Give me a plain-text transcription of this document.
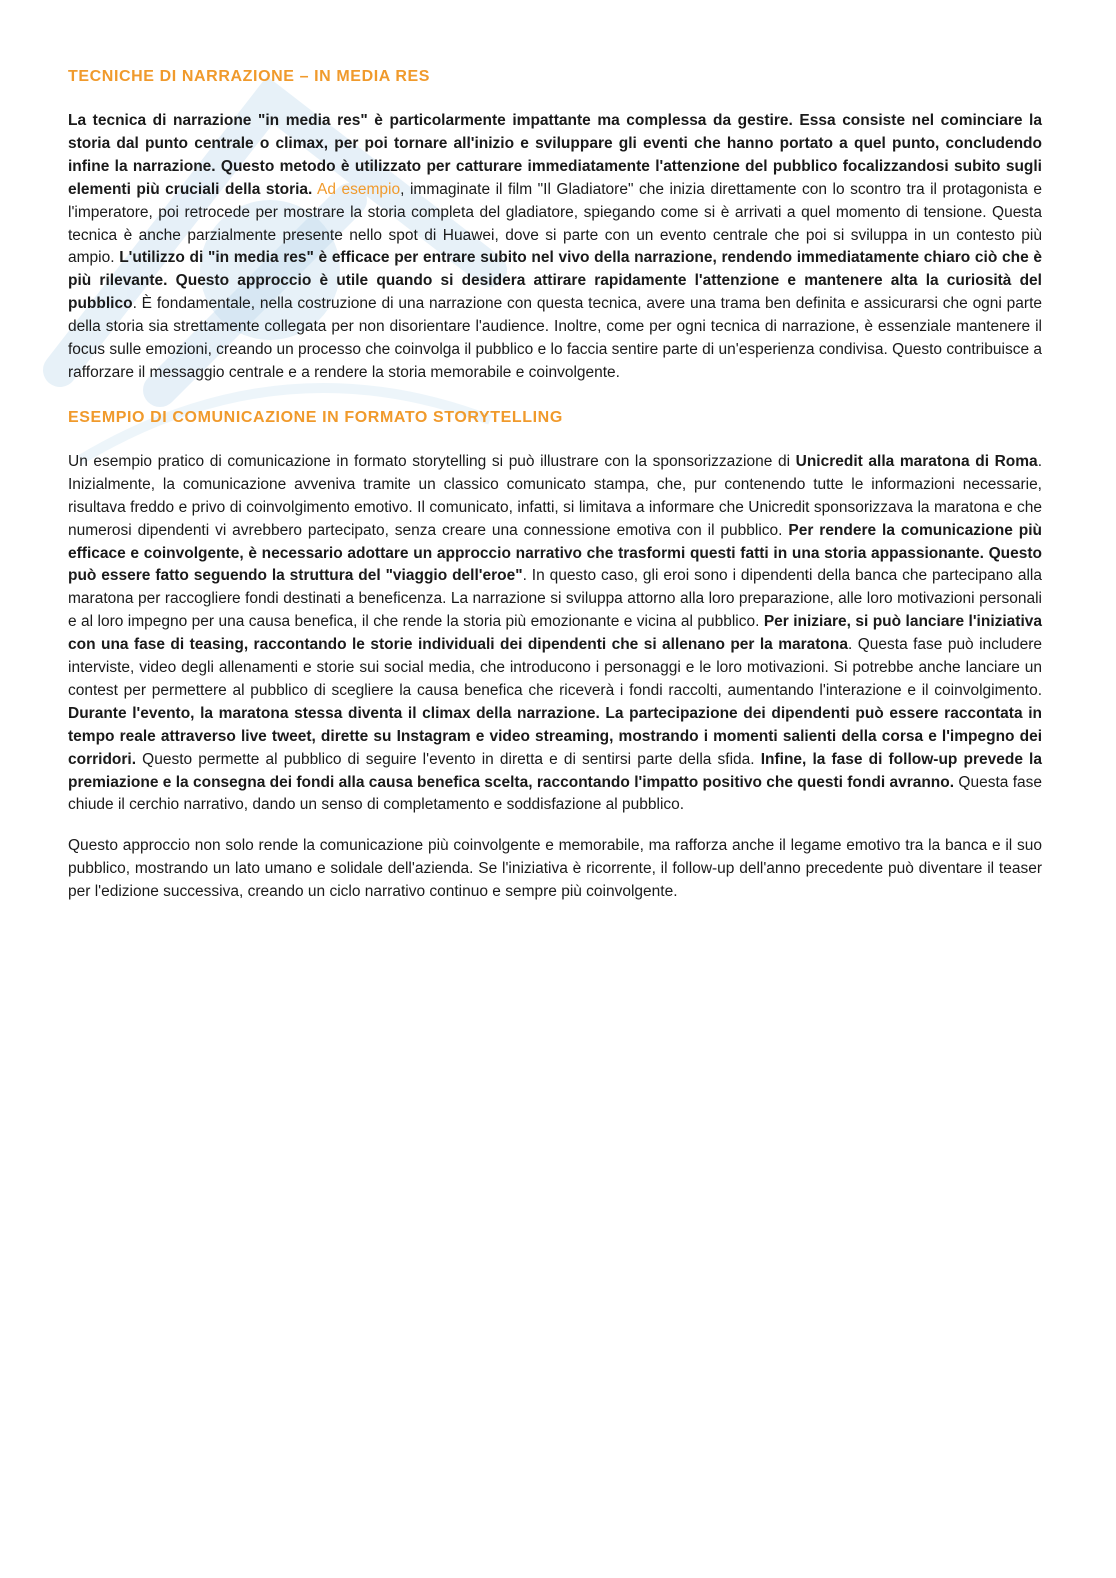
TECNICHE DI NARRAZIONE – IN MEDIA RES

La tecnica di narrazione "in media res" è particolarmente impattante ma complessa da gestire. Essa consiste nel cominciare la storia dal punto centrale o climax, per poi tornare all'inizio e sviluppare gli eventi che hanno portato a quel punto, concludendo infine la narrazione. Questo metodo è utilizzato per catturare immediatamente l'attenzione del pubblico focalizzandosi subito sugli elementi più cruciali della storia. Ad esempio, immaginate il film "Il Gladiatore" che inizia direttamente con lo scontro tra il protagonista e l'imperatore, poi retrocede per mostrare la storia completa del gladiatore, spiegando come si è arrivati a quel momento di tensione. Questa tecnica è anche parzialmente presente nello spot di Huawei, dove si parte con un evento centrale che poi si sviluppa in un contesto più ampio. L'utilizzo di "in media res" è efficace per entrare subito nel vivo della narrazione, rendendo immediatamente chiaro ciò che è più rilevante. Questo approccio è utile quando si desidera attirare rapidamente l'attenzione e mantenere alta la curiosità del pubblico. È fondamentale, nella costruzione di una narrazione con questa tecnica, avere una trama ben definita e assicurarsi che ogni parte della storia sia strettamente collegata per non disorientare l'audience. Inoltre, come per ogni tecnica di narrazione, è essenziale mantenere il focus sulle emozioni, creando un processo che coinvolga il pubblico e lo faccia sentire parte di un'esperienza condivisa. Questo contribuisce a rafforzare il messaggio centrale e a rendere la storia memorabile e coinvolgente.

ESEMPIO DI COMUNICAZIONE IN FORMATO STORYTELLING

Un esempio pratico di comunicazione in formato storytelling si può illustrare con la sponsorizzazione di Unicredit alla maratona di Roma. Inizialmente, la comunicazione avveniva tramite un classico comunicato stampa, che, pur contenendo tutte le informazioni necessarie, risultava freddo e privo di coinvolgimento emotivo. Il comunicato, infatti, si limitava a informare che Unicredit sponsorizzava la maratona e che numerosi dipendenti vi avrebbero partecipato, senza creare una connessione emotiva con il pubblico. Per rendere la comunicazione più efficace e coinvolgente, è necessario adottare un approccio narrativo che trasformi questi fatti in una storia appassionante. Questo può essere fatto seguendo la struttura del "viaggio dell'eroe". In questo caso, gli eroi sono i dipendenti della banca che partecipano alla maratona per raccogliere fondi destinati a beneficenza. La narrazione si sviluppa attorno alla loro preparazione, alle loro motivazioni personali e al loro impegno per una causa benefica, il che rende la storia più emozionante e vicina al pubblico. Per iniziare, si può lanciare l'iniziativa con una fase di teasing, raccontando le storie individuali dei dipendenti che si allenano per la maratona. Questa fase può includere interviste, video degli allenamenti e storie sui social media, che introducono i personaggi e le loro motivazioni. Si potrebbe anche lanciare un contest per permettere al pubblico di scegliere la causa benefica che riceverà i fondi raccolti, aumentando l'interazione e il coinvolgimento. Durante l'evento, la maratona stessa diventa il climax della narrazione. La partecipazione dei dipendenti può essere raccontata in tempo reale attraverso live tweet, dirette su Instagram e video streaming, mostrando i momenti salienti della corsa e l'impegno dei corridori. Questo permette al pubblico di seguire l'evento in diretta e di sentirsi parte della sfida. Infine, la fase di follow-up prevede la premiazione e la consegna dei fondi alla causa benefica scelta, raccontando l'impatto positivo che questi fondi avranno. Questa fase chiude il cerchio narrativo, dando un senso di completamento e soddisfazione al pubblico.

Questo approccio non solo rende la comunicazione più coinvolgente e memorabile, ma rafforza anche il legame emotivo tra la banca e il suo pubblico, mostrando un lato umano e solidale dell'azienda. Se l'iniziativa è ricorrente, il follow-up dell'anno precedente può diventare il teaser per l'edizione successiva, creando un ciclo narrativo continuo e sempre più coinvolgente.
